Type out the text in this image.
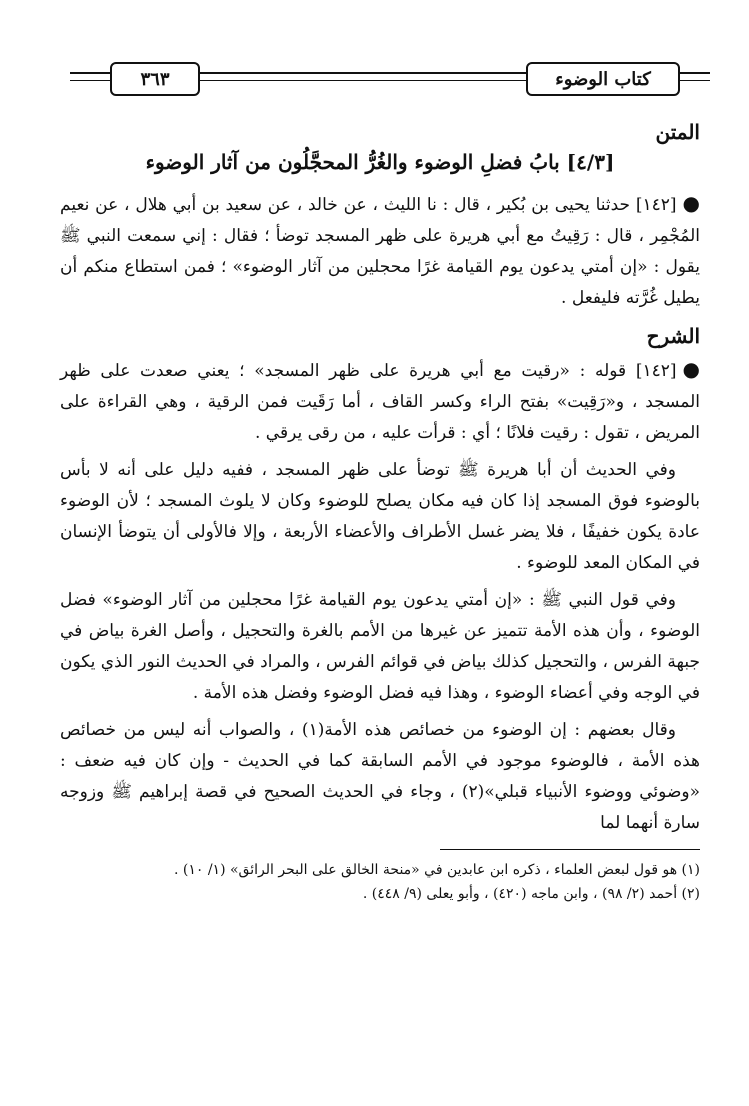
٣٦٣	كتاب الوضوء
المتن
[٤/٣] بابُ فضلِ الوضوء والغُرُّ المحجَّلُون من آثار الوضوء

●[١٤٢] حدثنا يحيى بن بُكير ، قال : نا الليث ، عن خالد ، عن سعيد بن أبي هلال ، عن نعيم المُجْمِر ، قال : رَقِيتُ مع أبي هريرة على ظهر المسجد توضأ ؛ فقال : إني سمعت النبي ﷺ يقول : «إن أمتي يدعون يوم القيامة غرًا محجلين من آثار الوضوء» ؛ فمن استطاع منكم أن يطيل غُرَّته فليفعل .

الشرح

●[١٤٢] قوله : «رقيت مع أبي هريرة على ظهر المسجد» ؛ يعني صعدت على ظهر المسجد ، و«رَقِيت» بفتح الراء وكسر القاف ، أما رَقَيت فمن الرقية ، وهي القراءة على المريض ، تقول : رقيت فلانًا ؛ أي : قرأت عليه ، من رقى يرقي .

وفي الحديث أن أبا هريرة ﷺ توضأ على ظهر المسجد ، ففيه دليل على أنه لا بأس بالوضوء فوق المسجد إذا كان فيه مكان يصلح للوضوء وكان لا يلوث المسجد ؛ لأن الوضوء عادة يكون خفيفًا ، فلا يضر غسل الأطراف والأعضاء الأربعة ، وإلا فالأولى أن يتوضأ الإنسان في المكان المعد للوضوء .

وفي قول النبي ﷺ : «إن أمتي يدعون يوم القيامة غرًا محجلين من آثار الوضوء» فضل الوضوء ، وأن هذه الأمة تتميز عن غيرها من الأمم بالغرة والتحجيل ، وأصل الغرة بياض في جبهة الفرس ، والتحجيل كذلك بياض في قوائم الفرس ، والمراد في الحديث النور الذي يكون في الوجه وفي أعضاء الوضوء ، وهذا فيه فضل الوضوء وفضل هذه الأمة .

وقال بعضهم : إن الوضوء من خصائص هذه الأمة(١) ، والصواب أنه ليس من خصائص هذه الأمة ، فالوضوء موجود في الأمم السابقة كما في الحديث - وإن كان فيه ضعف : «وضوئي ووضوء الأنبياء قبلي»(٢) ، وجاء في الحديث الصحيح في قصة إبراهيم ﷺ وزوجه سارة أنهما لما

(١) هو قول لبعض العلماء ، ذكره ابن عابدين في «منحة الخالق على البحر الرائق» (١/ ١٠) .
(٢) أحمد (٢/ ٩٨) ، وابن ماجه (٤٢٠) ، وأبو يعلى (٩/ ٤٤٨) .
